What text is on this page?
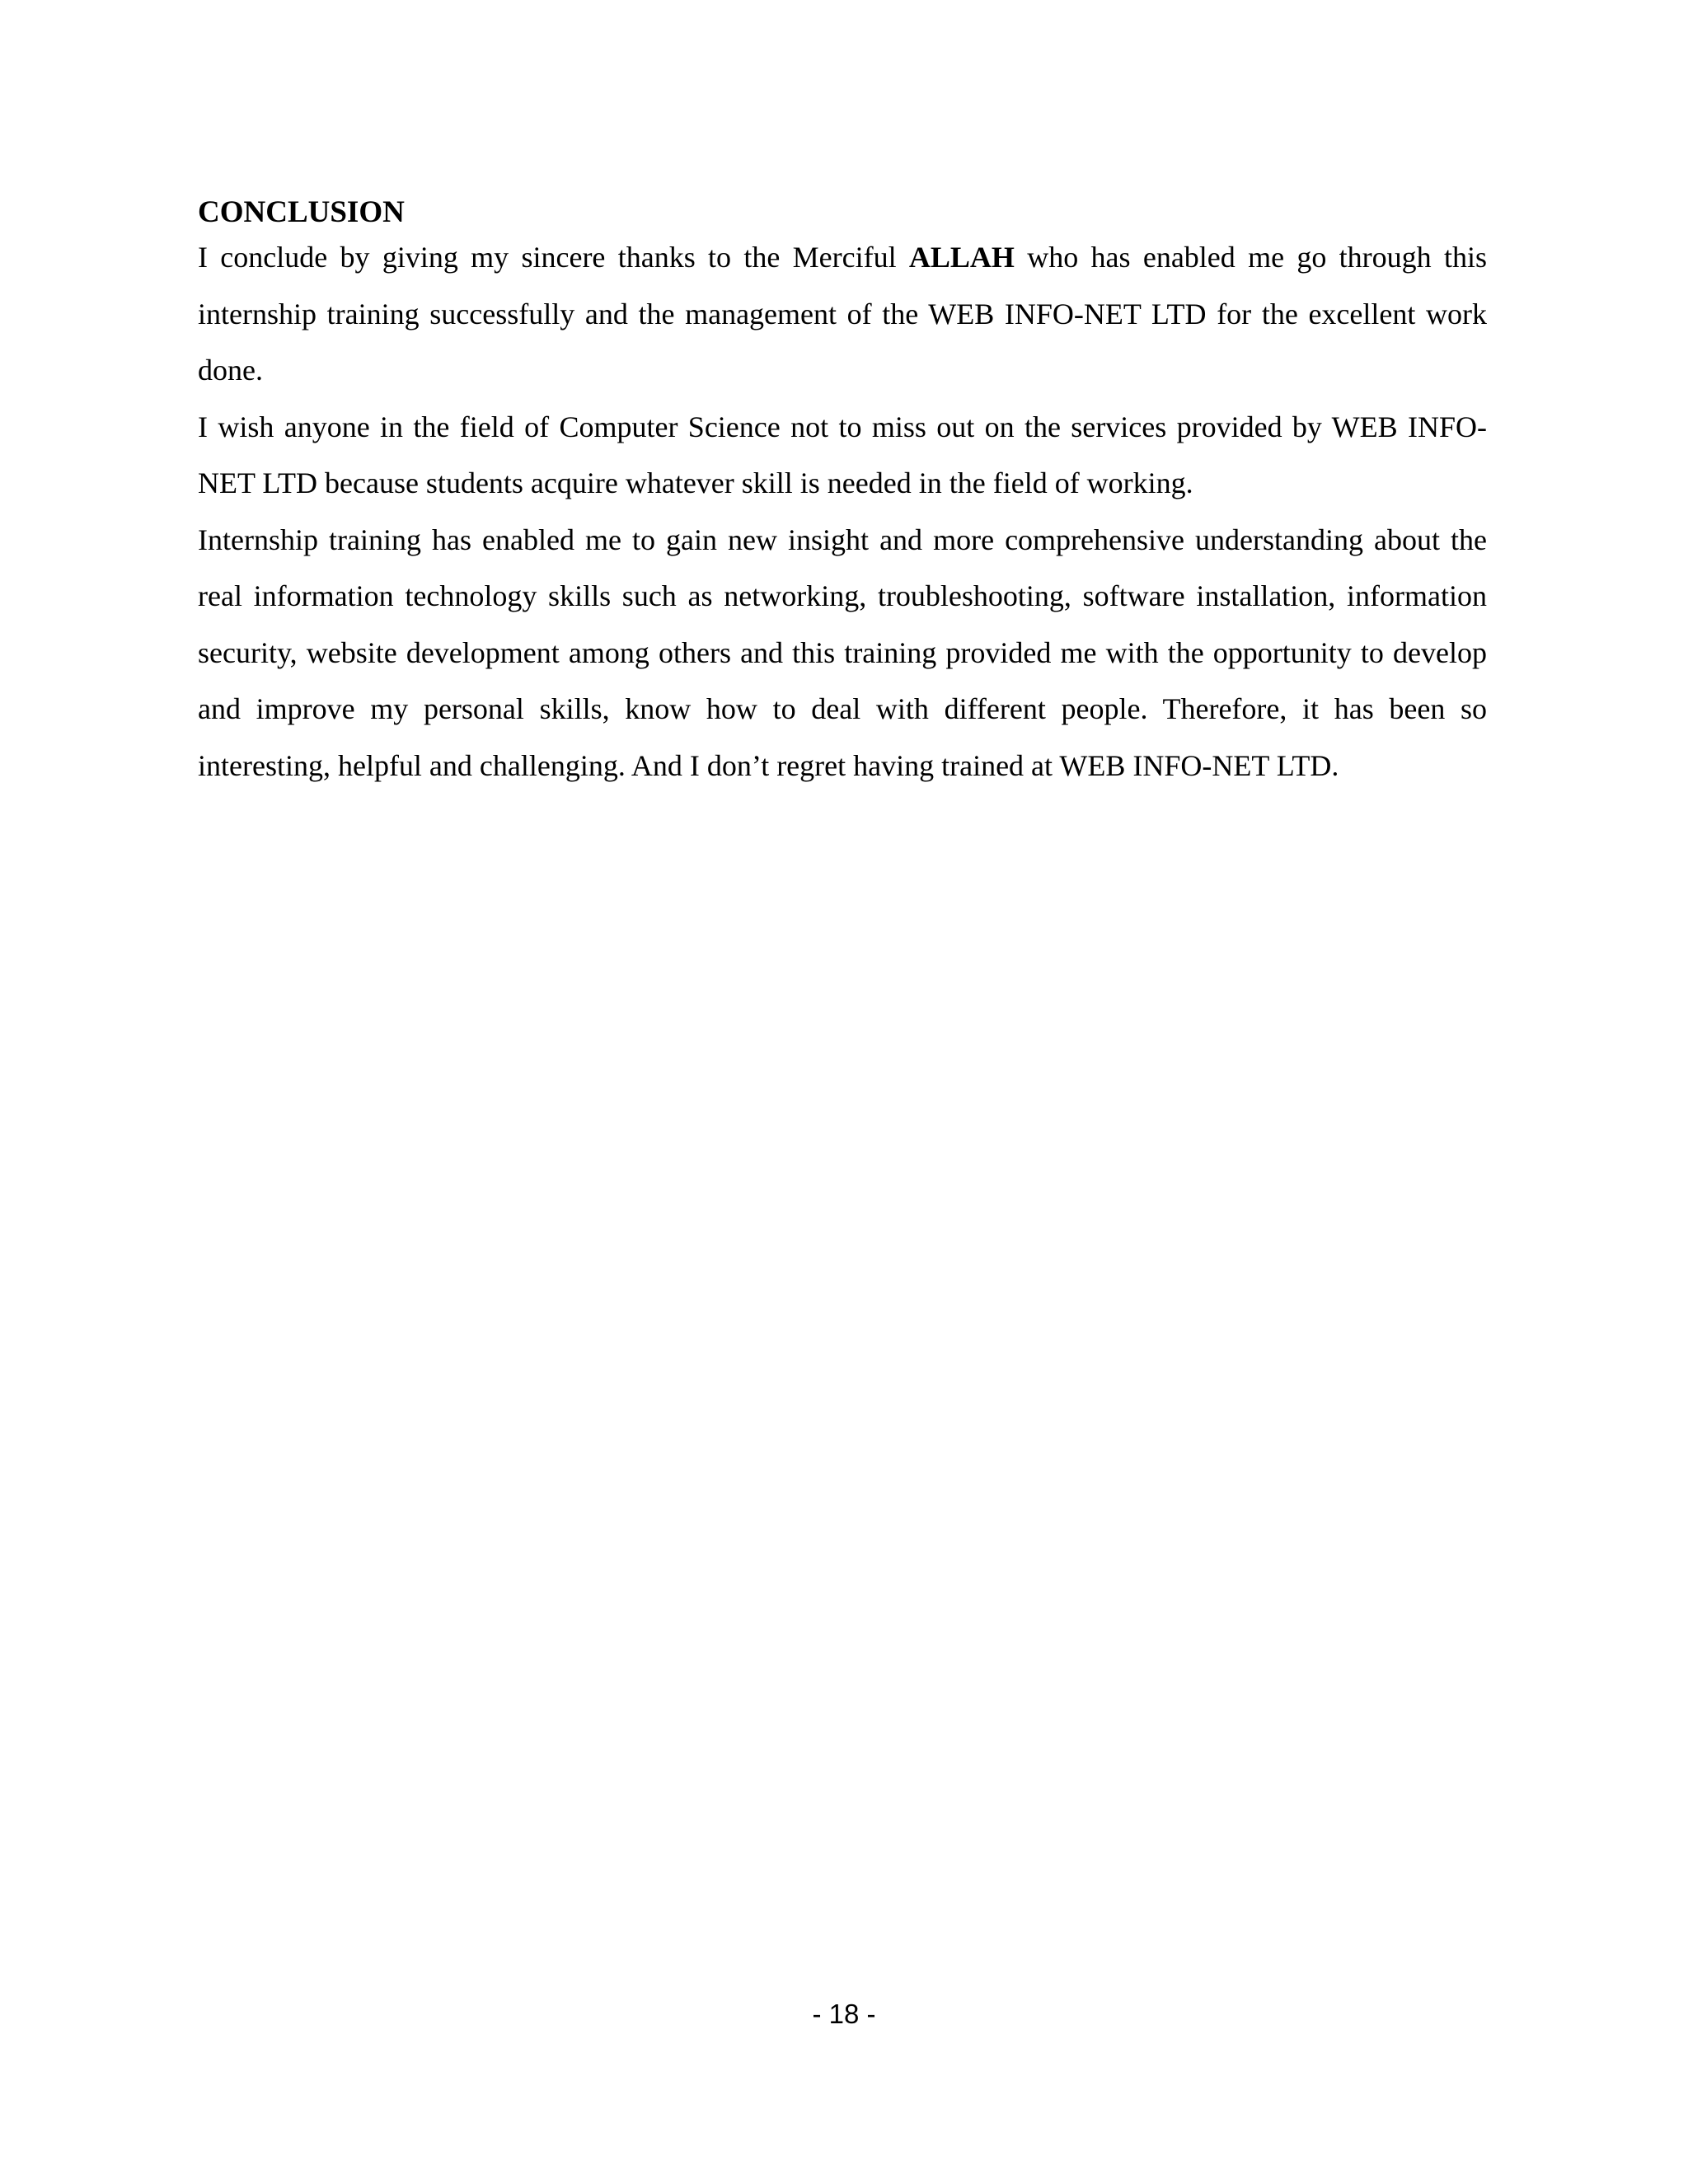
CONCLUSION

I conclude by giving my sincere thanks to the Merciful ALLAH who has enabled me go through this internship training successfully and the management of the WEB INFO-NET LTD for the excellent work done.

I wish anyone in the field of Computer Science not to miss out on the services provided by WEB INFO-NET LTD because students acquire whatever skill is needed in the field of working.

Internship training has enabled me to gain new insight and more comprehensive understanding about the real information technology skills such as networking, troubleshooting, software installation, information security, website development among others and this training provided me with the opportunity to develop and improve my personal skills, know how to deal with different people. Therefore, it has been so interesting, helpful and challenging. And I don’t regret having trained at WEB INFO-NET LTD.

- 18 -
